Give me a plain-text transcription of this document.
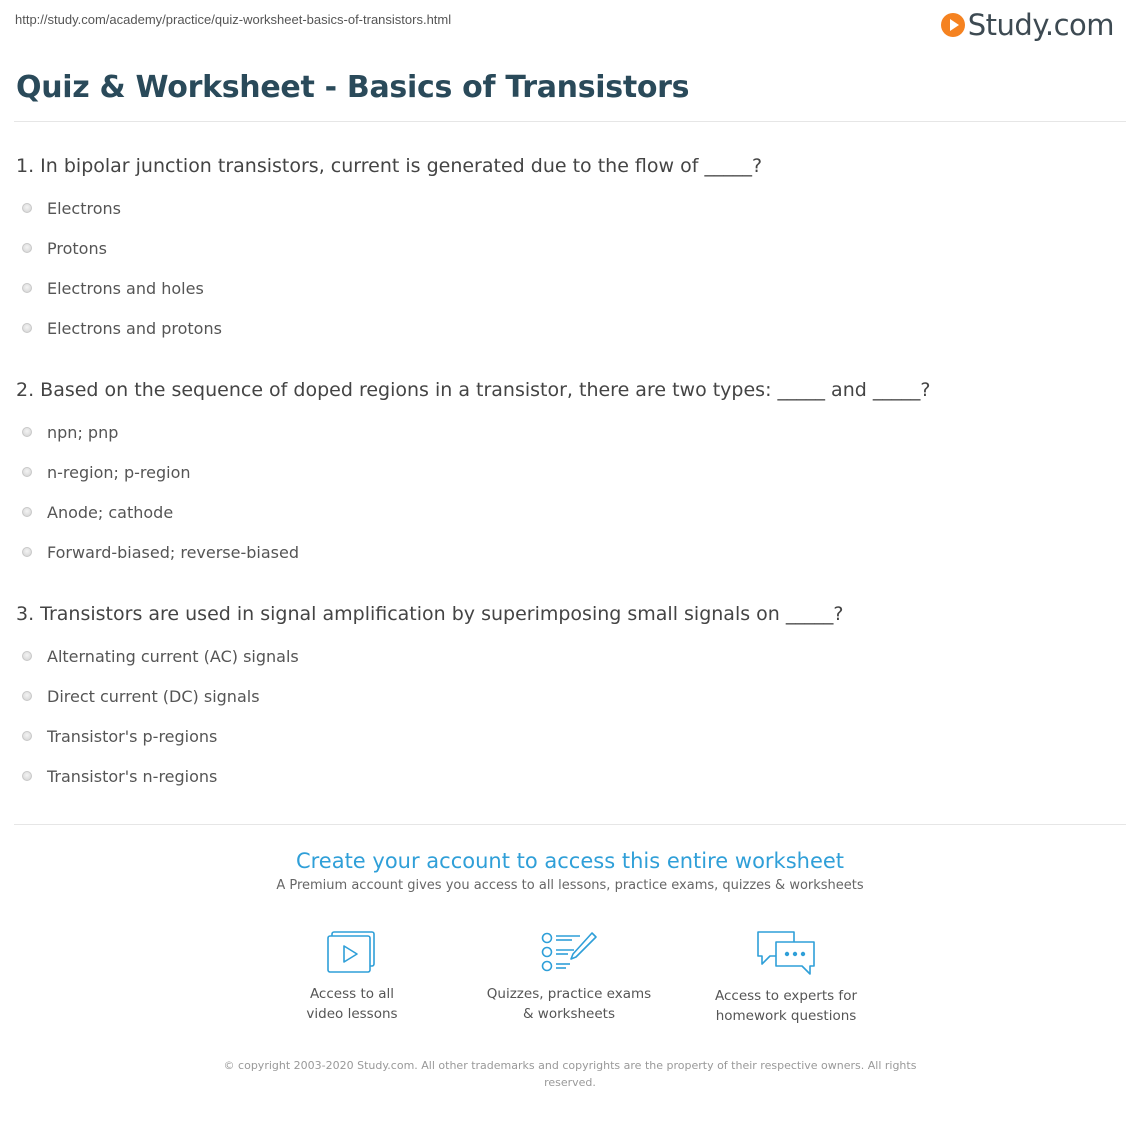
http://study.com/academy/practice/quiz-worksheet-basics-of-transistors.html	Study.com
Quiz & Worksheet - Basics of Transistors
1. In bipolar junction transistors, current is generated due to the flow of _____?
Electrons
Protons
Electrons and holes
Electrons and protons
2. Based on the sequence of doped regions in a transistor, there are two types: _____ and _____?
npn; pnp
n-region; p-region
Anode; cathode
Forward-biased; reverse-biased
3. Transistors are used in signal amplification by superimposing small signals on _____?
Alternating current (AC) signals
Direct current (DC) signals
Transistor's p-regions
Transistor's n-regions
Create your account to access this entire worksheet
A Premium account gives you access to all lessons, practice exams, quizzes & worksheets
Access to all
video lessons
Quizzes, practice exams
& worksheets
Access to experts for
homework questions
© copyright 2003-2020 Study.com. All other trademarks and copyrights are the property of their respective owners. All rights reserved.
